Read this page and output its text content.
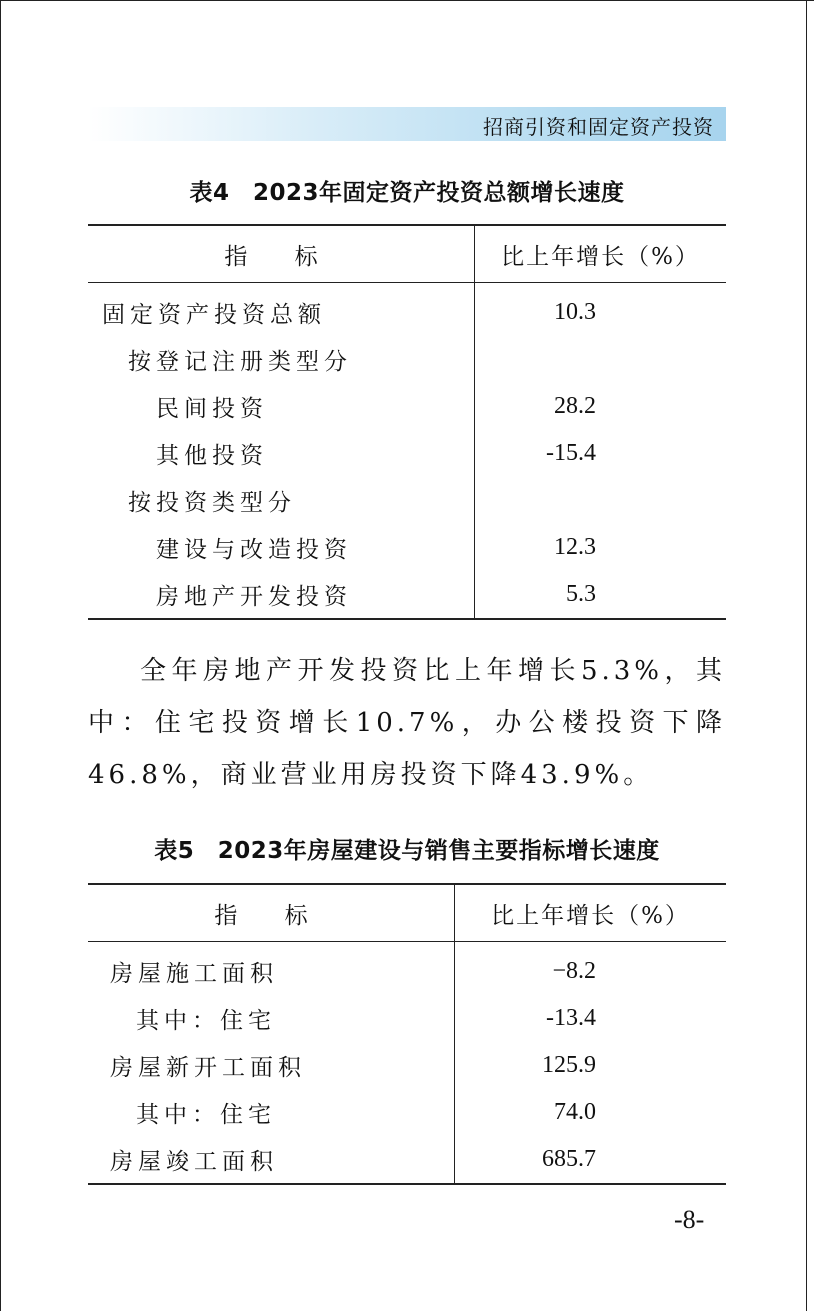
招商引资和固定资产投资
表4　2023年固定资产投资总额增长速度
指 标	比上年增长（%）
固定资产投资总额	10.3
按登记注册类型分	
民间投资	28.2
其他投资	-15.4
按投资类型分	
建设与改造投资	12.3
房地产开发投资	5.3
全年房地产开发投资比上年增长5.3%，其中：住宅投资增长10.7%，办公楼投资下降46.8%，商业营业用房投资下降43.9%。
表5　2023年房屋建设与销售主要指标增长速度
指 标	比上年增长（%）
房屋施工面积	−8.2
其中：住宅	-13.4
房屋新开工面积	125.9
其中：住宅	74.0
房屋竣工面积	685.7
-8-
